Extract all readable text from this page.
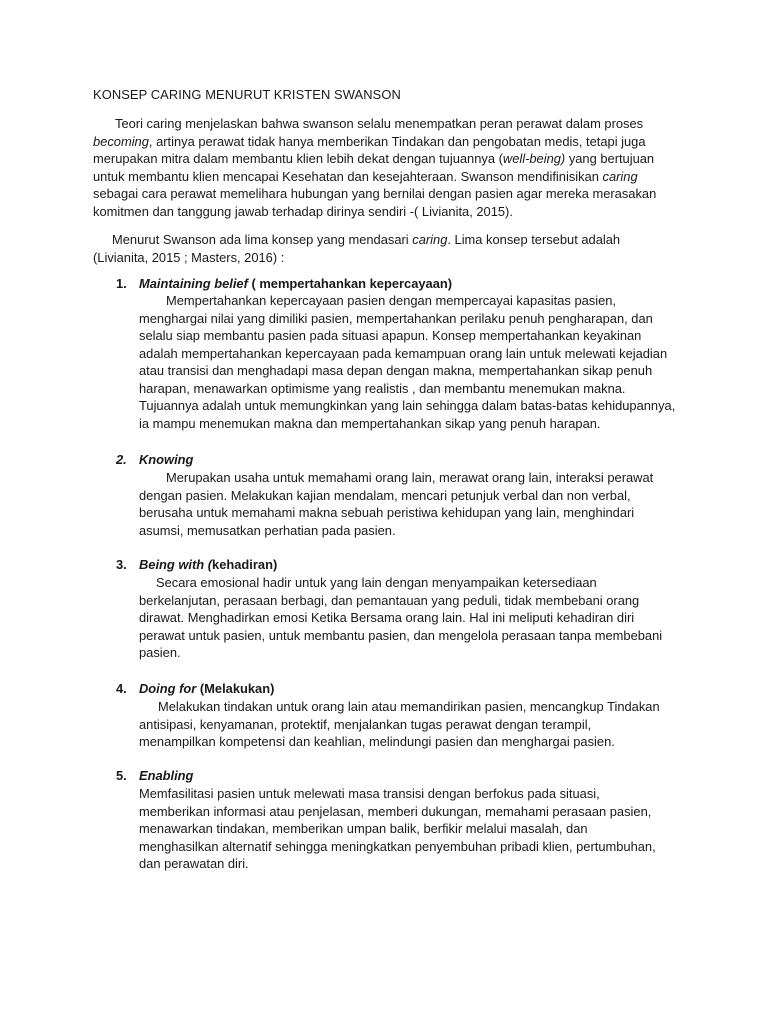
KONSEP CARING MENURUT KRISTEN SWANSON
Teori caring menjelaskan bahwa swanson selalu menempatkan peran perawat dalam proses
becoming, artinya perawat tidak hanya memberikan Tindakan dan pengobatan medis, tetapi juga
merupakan mitra dalam membantu klien lebih dekat dengan tujuannya (well-being) yang bertujuan
untuk membantu klien mencapai Kesehatan dan kesejahteraan. Swanson mendifinisikan caring
sebagai cara perawat memelihara hubungan yang bernilai dengan pasien agar mereka merasakan
komitmen dan tanggung jawab terhadap dirinya sendiri -( Livianita, 2015).
Menurut Swanson ada lima konsep yang mendasari caring. Lima konsep tersebut adalah
(Livianita, 2015 ; Masters, 2016) :
1. Maintaining belief ( mempertahankan kepercayaan)
Mempertahankan kepercayaan pasien dengan mempercayai kapasitas pasien,
menghargai nilai yang dimiliki pasien, mempertahankan perilaku penuh pengharapan, dan
selalu siap membantu pasien pada situasi apapun. Konsep mempertahankan keyakinan
adalah mempertahankan kepercayaan pada kemampuan orang lain untuk melewati kejadian
atau transisi dan menghadapi masa depan dengan makna, mempertahankan sikap penuh
harapan, menawarkan optimisme yang realistis , dan membantu menemukan makna.
Tujuannya adalah untuk memungkinkan yang lain sehingga dalam batas-batas kehidupannya,
ia mampu menemukan makna dan mempertahankan sikap yang penuh harapan.
2. Knowing
Merupakan usaha untuk memahami orang lain, merawat orang lain, interaksi perawat
dengan pasien. Melakukan kajian mendalam, mencari petunjuk verbal dan non verbal,
berusaha untuk memahami makna sebuah peristiwa kehidupan yang lain, menghindari
asumsi, memusatkan perhatian pada pasien.
3. Being with (kehadiran)
Secara emosional hadir untuk yang lain dengan menyampaikan ketersediaan
berkelanjutan, perasaan berbagi, dan pemantauan yang peduli, tidak membebani orang
dirawat. Menghadirkan emosi Ketika Bersama orang lain. Hal ini meliputi kehadiran diri
perawat untuk pasien, untuk membantu pasien, dan mengelola perasaan tanpa membebani
pasien.
4. Doing for (Melakukan)
Melakukan tindakan untuk orang lain atau memandirikan pasien, mencangkup Tindakan
antisipasi, kenyamanan, protektif, menjalankan tugas perawat dengan terampil,
menampilkan kompetensi dan keahlian, melindungi pasien dan menghargai pasien.
5. Enabling
Memfasilitasi pasien untuk melewati masa transisi dengan berfokus pada situasi,
memberikan informasi atau penjelasan, memberi dukungan, memahami perasaan pasien,
menawarkan tindakan, memberikan umpan balik, berfikir melalui masalah, dan
menghasilkan alternatif sehingga meningkatkan penyembuhan pribadi klien, pertumbuhan,
dan perawatan diri.
